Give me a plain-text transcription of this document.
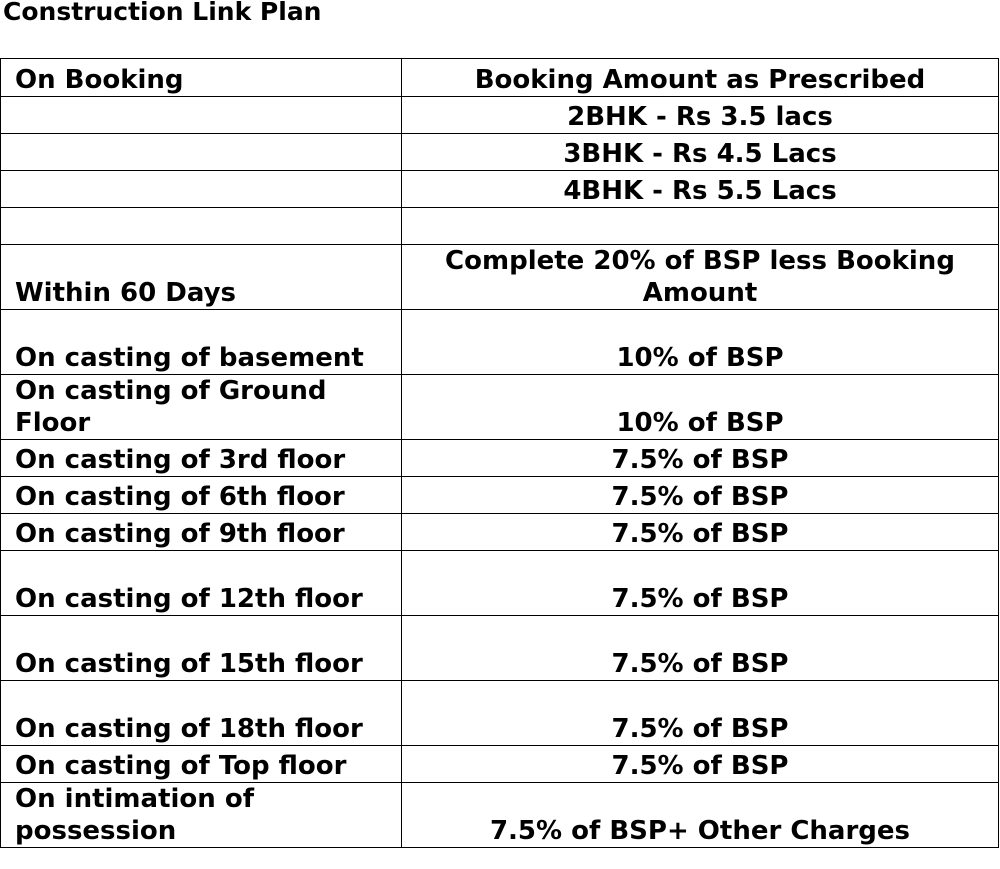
Construction Link Plan
On Booking	Booking Amount as Prescribed
	2BHK - Rs 3.5 lacs
	3BHK - Rs 4.5 Lacs
	4BHK - Rs 5.5 Lacs

Within 60 Days	Complete 20% of BSP less Booking Amount
On casting of basement	10% of BSP
On casting of Ground Floor	10% of BSP
On casting of 3rd floor	7.5% of BSP
On casting of 6th floor	7.5% of BSP
On casting of 9th floor	7.5% of BSP
On casting of 12th floor	7.5% of BSP
On casting of 15th floor	7.5% of BSP
On casting of 18th floor	7.5% of BSP
On casting of Top floor	7.5% of BSP
On intimation of possession	7.5% of BSP+ Other Charges
